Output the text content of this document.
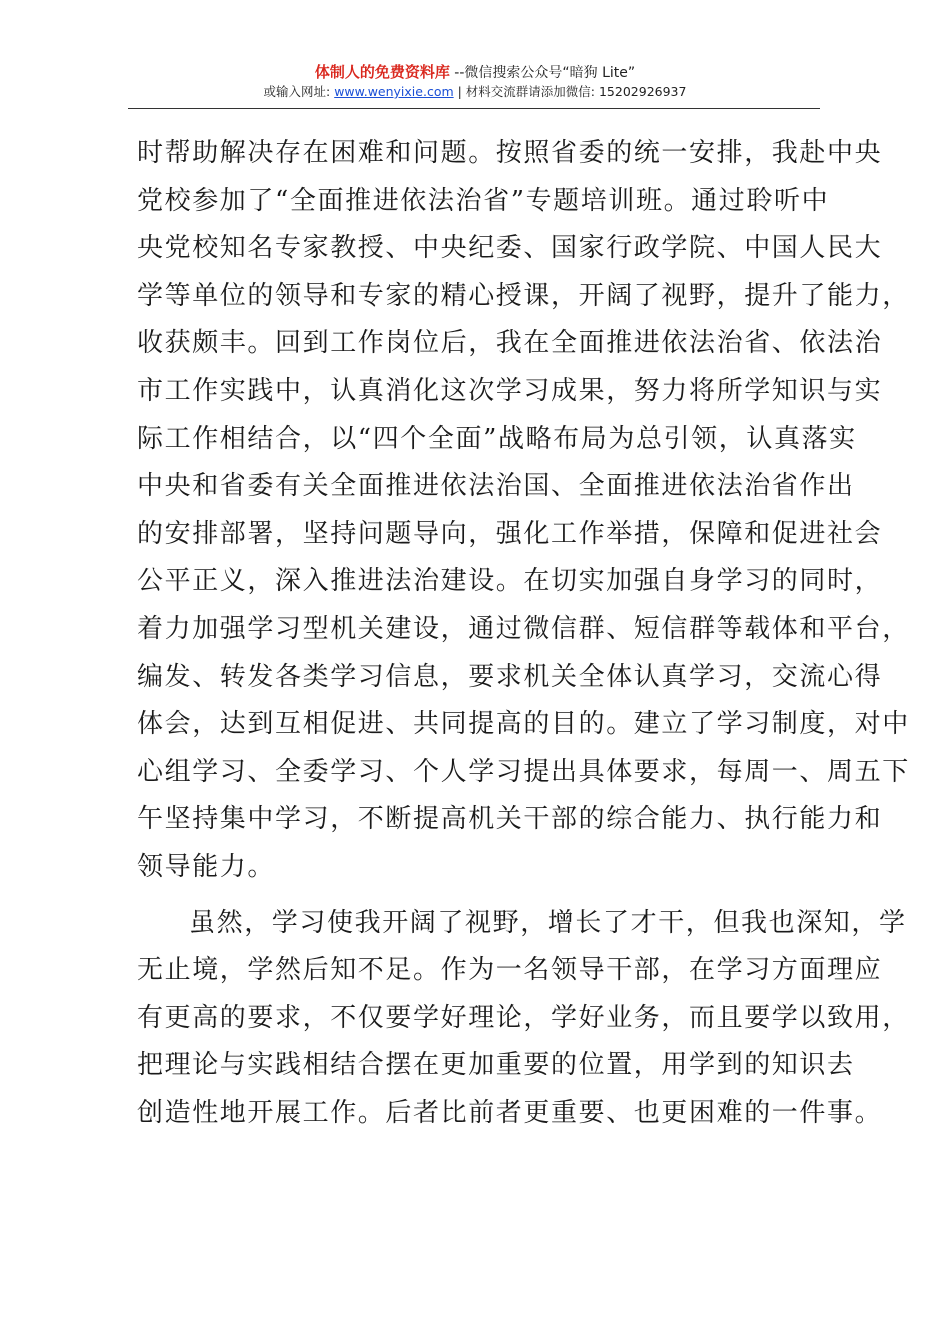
体制人的免费资料库 --微信搜索公众号“暗狗 Lite”
或输入网址: www.wenyixie.com | 材料交流群请添加微信: 15202926937
时帮助解决存在困难和问题。按照省委的统一安排，我赴中央
党校参加了“全面推进依法治省”专题培训班。通过聆听中
央党校知名专家教授、中央纪委、国家行政学院、中国人民大
学等单位的领导和专家的精心授课，开阔了视野，提升了能力，
收获颇丰。回到工作岗位后，我在全面推进依法治省、依法治
市工作实践中，认真消化这次学习成果，努力将所学知识与实
际工作相结合，以“四个全面”战略布局为总引领，认真落实
中央和省委有关全面推进依法治国、全面推进依法治省作出
的安排部署，坚持问题导向，强化工作举措，保障和促进社会
公平正义，深入推进法治建设。在切实加强自身学习的同时，
着力加强学习型机关建设，通过微信群、短信群等载体和平台，
编发、转发各类学习信息，要求机关全体认真学习，交流心得
体会，达到互相促进、共同提高的目的。建立了学习制度，对中
心组学习、全委学习、个人学习提出具体要求，每周一、周五下
午坚持集中学习，不断提高机关干部的综合能力、执行能力和
领导能力。
虽然，学习使我开阔了视野，增长了才干，但我也深知，学
无止境，学然后知不足。作为一名领导干部，在学习方面理应
有更高的要求，不仅要学好理论，学好业务，而且要学以致用，
把理论与实践相结合摆在更加重要的位置，用学到的知识去
创造性地开展工作。后者比前者更重要、也更困难的一件事。
